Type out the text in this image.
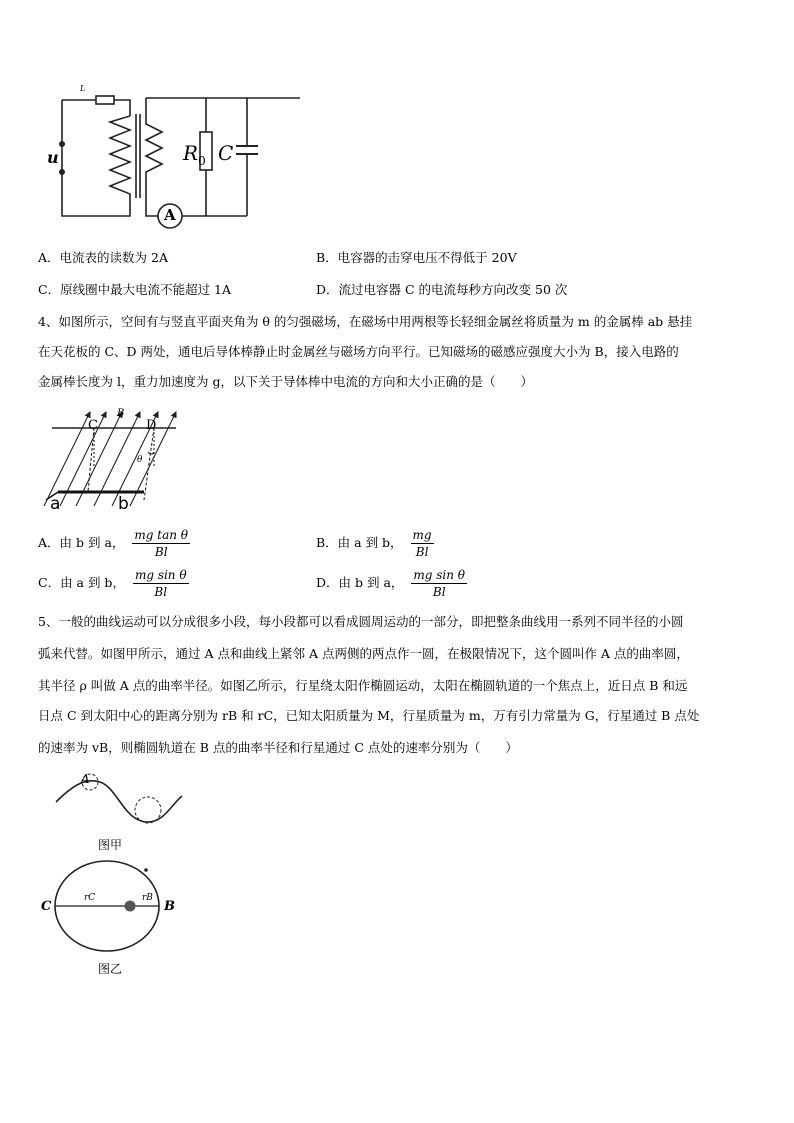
L
u	$R_0$ C
A
A．电流表的读数为 2A	B．电容器的击穿电压不得低于 20V
C．原线圈中最大电流不能超过 1A	D．流过电容器 C 的电流每秒方向改变 50 次
4、如图所示，空间有与竖直平面夹角为 θ 的匀强磁场，在磁场中用两根等长轻细金属丝将质量为 m 的金属棒 ab 悬挂
在天花板的 C、D 两处，通电后导体棒静止时金属丝与磁场方向平行。已知磁场的磁感应强度大小为 B，接入电路的
金属棒长度为 l，重力加速度为 g，以下关于导体棒中电流的方向和大小正确的是（　　）
C	D
B
θ
a	b
A．由 b 到 a， $\frac{\text{mg tan θ}}{Bl}$	B．由 a 到 b， $\frac{mg}{Bl}$
C．由 a 到 b， $\frac{\text{mg sin θ}}{Bl}$	D．由 b 到 a， $\frac{\text{mg sin θ}}{Bl}$
5、一般的曲线运动可以分成很多小段，每小段都可以看成圆周运动的一部分，即把整条曲线用一系列不同半径的小圆
弧来代替。如图甲所示，通过 A 点和曲线上紧邻 A 点两侧的两点作一圆，在极限情况下，这个圆叫作 A 点的曲率圆，
其半径 ρ 叫做 A 点的曲率半径。如图乙所示，行星绕太阳作椭圆运动，太阳在椭圆轨道的一个焦点上，近日点 B 和远
日点 C 到太阳中心的距离分别为 rB 和 rC，已知太阳质量为 M，行星质量为 m，万有引力常量为 G，行星通过 B 点处
的速率为 vB，则椭圆轨道在 B 点的曲率半径和行星通过 C 点处的速率分别为（　　）
A
图甲
C	B
rC	rB
图乙
